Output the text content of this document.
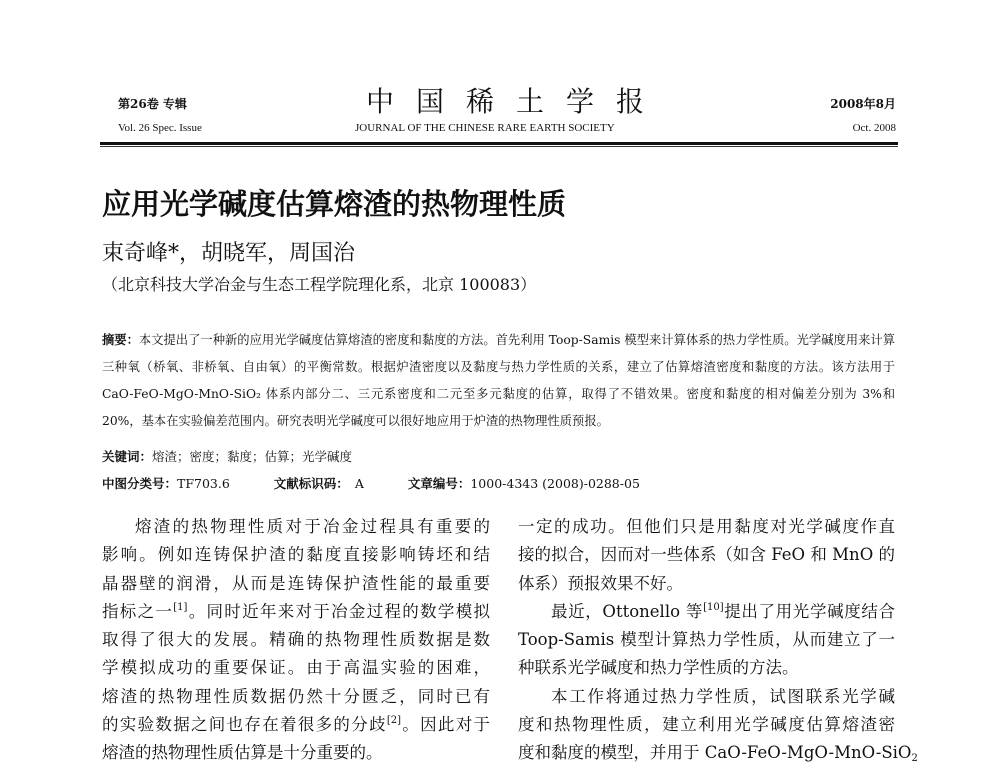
第26卷 专辑	中国稀土学报	2008年8月
Vol. 26 Spec. Issue	JOURNAL OF THE CHINESE RARE EARTH SOCIETY	Oct. 2008
应用光学碱度估算熔渣的热物理性质
束奇峰*，胡晓军，周国治
（北京科技大学冶金与生态工程学院理化系，北京 100083）
摘要：本文提出了一种新的应用光学碱度估算熔渣的密度和黏度的方法。首先利用 Toop-Samis 模型来计算体系的热力学性质。光学碱度用来计算三种氧（桥氧、非桥氧、自由氧）的平衡常数。根据炉渣密度以及黏度与热力学性质的关系，建立了估算熔渣密度和黏度的方法。该方法用于 CaO-FeO-MgO-MnO-SiO₂ 体系内部分二、三元系密度和二元至多元黏度的估算，取得了不错效果。密度和黏度的相对偏差分别为 3%和 20%，基本在实验偏差范围内。研究表明光学碱度可以很好地应用于炉渣的热物理性质预报。
关键词：熔渣；密度；黏度；估算；光学碱度
中图分类号：TF703.6	文献标识码： A	文章编号：1000-4343 (2008)-0288-05
熔渣的热物理性质对于冶金过程具有重要的
影响。例如连铸保护渣的黏度直接影响铸坯和结
晶器壁的润滑，从而是连铸保护渣性能的最重要
指标之一[1]。同时近年来对于冶金过程的数学模拟
取得了很大的发展。精确的热物理性质数据是数
学模拟成功的重要保证。由于高温实验的困难，
熔渣的热物理性质数据仍然十分匮乏，同时已有
的实验数据之间也存在着很多的分歧[2]。因此对于
熔渣的热物理性质估算是十分重要的。
一定的成功。但他们只是用黏度对光学碱度作直
接的拟合，因而对一些体系（如含 FeO 和 MnO 的
体系）预报效果不好。
最近，Ottonello 等[10]提出了用光学碱度结合
Toop-Samis 模型计算热力学性质，从而建立了一
种联系光学碱度和热力学性质的方法。
本工作将通过热力学性质，试图联系光学碱
度和热物理性质，建立利用光学碱度估算熔渣密
度和黏度的模型，并用于 CaO-FeO-MgO-MnO-SiO$_2$
